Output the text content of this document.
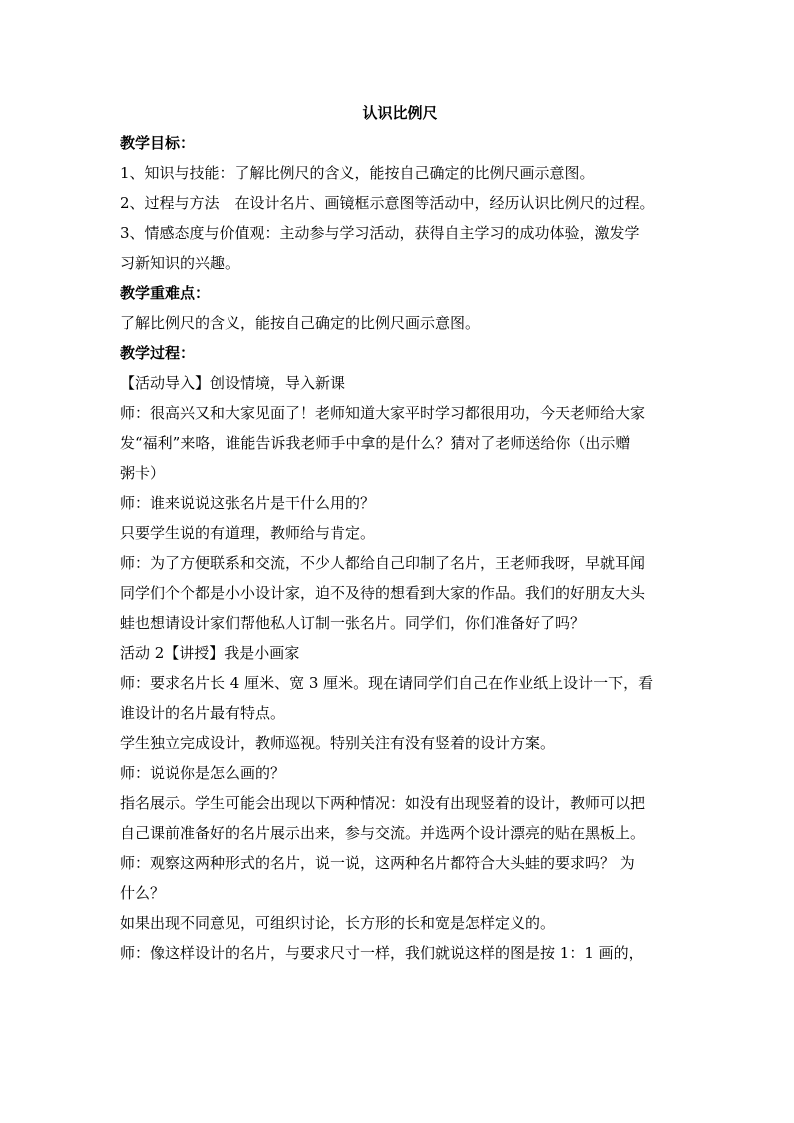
认识比例尺

教学目标：

1、知识与技能：了解比例尺的含义，能按自己确定的比例尺画示意图。

2、过程与方法　在设计名片、画镜框示意图等活动中，经历认识比例尺的过程。

3、情感态度与价值观：主动参与学习活动，获得自主学习的成功体验，激发学

习新知识的兴趣。

教学重难点：

了解比例尺的含义，能按自己确定的比例尺画示意图。

教学过程：

【活动导入】创设情境，导入新课

师：很高兴又和大家见面了！老师知道大家平时学习都很用功，今天老师给大家

发“福利”来咯，谁能告诉我老师手中拿的是什么？猜对了老师送给你（出示赠

粥卡）

师：谁来说说这张名片是干什么用的？

只要学生说的有道理，教师给与肯定。

师：为了方便联系和交流，不少人都给自己印制了名片，王老师我呀，早就耳闻

同学们个个都是小小设计家，迫不及待的想看到大家的作品。我们的好朋友大头

蛙也想请设计家们帮他私人订制一张名片。同学们，你们准备好了吗？

活动 2【讲授】我是小画家

师：要求名片长 4 厘米、宽 3 厘米。现在请同学们自己在作业纸上设计一下，看

谁设计的名片最有特点。

学生独立完成设计，教师巡视。特别关注有没有竖着的设计方案。

师：说说你是怎么画的？

指名展示。学生可能会出现以下两种情况：如没有出现竖着的设计，教师可以把

自己课前准备好的名片展示出来，参与交流。并选两个设计漂亮的贴在黑板上。

师：观察这两种形式的名片，说一说，这两种名片都符合大头蛙的要求吗？ 为

什么？

如果出现不同意见，可组织讨论，长方形的长和宽是怎样定义的。

师：像这样设计的名片，与要求尺寸一样，我们就说这样的图是按 1：1 画的，
